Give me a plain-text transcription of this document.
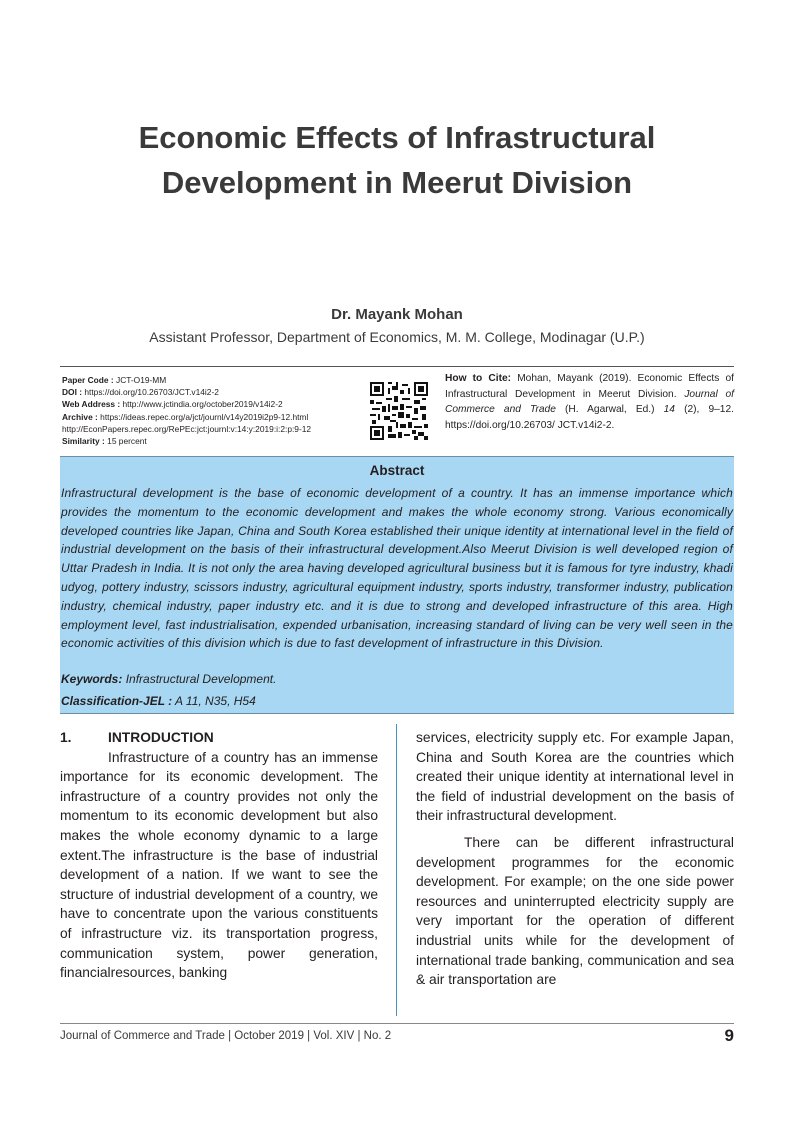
Economic Effects of Infrastructural
Development in Meerut Division
Dr. Mayank Mohan
Assistant Professor, Department of Economics, M. M. College, Modinagar (U.P.)
Paper Code : JCT-O19-MM
DOI : https://doi.org/10.26703/JCT.v14i2-2
Web Address : http://www.jctindia.org/october2019/v14i2-2
Archive : https://ideas.repec.org/a/jct/journl/v14y2019i2p9-12.html
http://EconPapers.repec.org/RePEc:jct:journl:v:14:y:2019:i:2:p:9-12
Similarity : 15 percent
How to Cite: Mohan, Mayank (2019). Economic Effects of Infrastructural Development in Meerut Division. Journal of Commerce and Trade (H. Agarwal, Ed.) 14 (2), 9–12. https://doi.org/10.26703/ JCT.v14i2-2.
Abstract
Infrastructural development is the base of economic development of a country. It has an immense importance which provides the momentum to the economic development and makes the whole economy strong. Various economically developed countries like Japan, China and South Korea established their unique identity at international level in the field of industrial development on the basis of their infrastructural development.Also Meerut Division is well developed region of Uttar Pradesh in India. It is not only the area having developed agricultural business but it is famous for tyre industry, khadi udyog, pottery industry, scissors industry, agricultural equipment industry, sports industry, transformer industry, publication industry, chemical industry, paper industry etc. and it is due to strong and developed infrastructure of this area. High employment level, fast industrialisation, expended urbanisation, increasing standard of living can be very well seen in the economic activities of this division which is due to fast development of infrastructure in this Division.
Keywords: Infrastructural Development.
Classification-JEL : A 11, N35, H54
1.	INTRODUCTION

Infrastructure of a country has an immense importance for its economic development. The infrastructure of a country provides not only the momentum to its economic development but also makes the whole economy dynamic to a large extent.The infrastructure is the base of industrial development of a nation. If we want to see the structure of industrial development of a country, we have to concentrate upon the various constituents of infrastructure viz. its transportation progress, communication system, power generation, financialresources, banking

services, electricity supply etc. For example Japan, China and South Korea are the countries which created their unique identity at international level in the field of industrial development on the basis of their infrastructural development.

There can be different infrastructural development programmes for the economic development. For example; on the one side power resources and uninterrupted electricity supply are very important for the operation of different industrial units while for the development of international trade banking, communication and sea & air transportation are

Journal of Commerce and Trade | October 2019 | Vol. XIV | No. 2	9
